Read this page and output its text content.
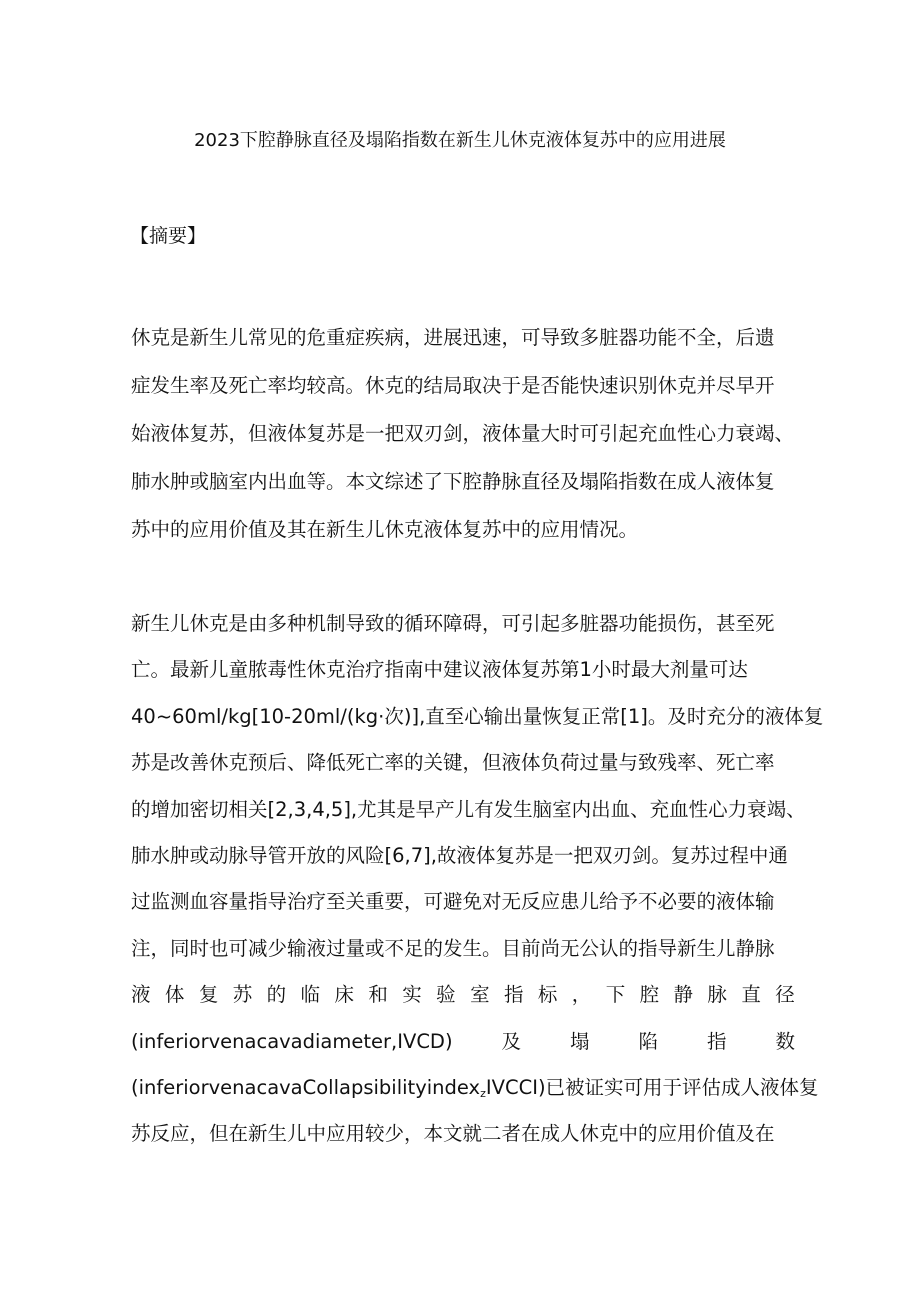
2023下腔静脉直径及塌陷指数在新生儿休克液体复苏中的应用进展
【摘要】
休克是新生儿常见的危重症疾病，进展迅速，可导致多脏器功能不全，后遗
症发生率及死亡率均较高。休克的结局取决于是否能快速识别休克并尽早开
始液体复苏，但液体复苏是一把双刃剑，液体量大时可引起充血性心力衰竭、
肺水肿或脑室内出血等。本文综述了下腔静脉直径及塌陷指数在成人液体复
苏中的应用价值及其在新生儿休克液体复苏中的应用情况。
新生儿休克是由多种机制导致的循环障碍，可引起多脏器功能损伤，甚至死
亡。最新儿童脓毒性休克治疗指南中建议液体复苏第1小时最大剂量可达
40~60ml/kg[10-20ml/(kg·次)],直至心输出量恢复正常[1]。及时充分的液体复
苏是改善休克预后、降低死亡率的关键，但液体负荷过量与致残率、死亡率
的增加密切相关[2,3,4,5],尤其是早产儿有发生脑室内出血、充血性心力衰竭、
肺水肿或动脉导管开放的风险[6,7],故液体复苏是一把双刃剑。复苏过程中通
过监测血容量指导治疗至关重要，可避免对无反应患儿给予不必要的液体输
注，同时也可减少输液过量或不足的发生。目前尚无公认的指导新生儿静脉
液 体 复 苏 的 临 床 和 实 验 室 指 标 ， 下 腔 静 脉 直 径
(inferiorvenacavadiameter,IVCD)	及	塌	陷	指	数
(inferiorvenacavaCollapsibilityindex$_z$IVCCI)已被证实可用于评估成人液体复
苏反应，但在新生儿中应用较少，本文就二者在成人休克中的应用价值及在
